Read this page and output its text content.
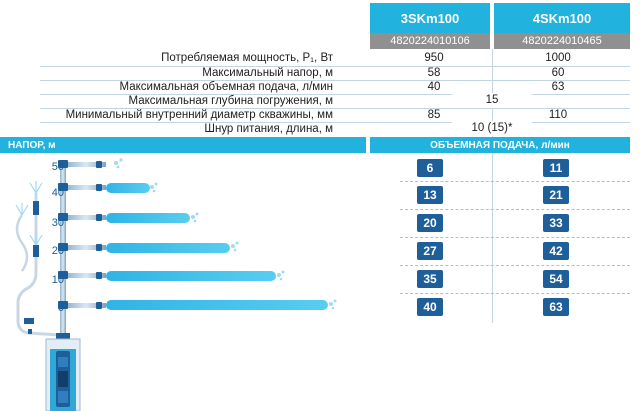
3SKm100	4SKm100
4820224010106	4820224010465
Потребляемая мощность, P₁, Вт	950	1000
Максимальный напор, м	58	60
Максимальная объемная подача, л/мин	40	63
Максимальная глубина погружения, м	15
Минимальный внутренний диаметр скважины, мм	85	110
Шнур питания, длина, м	10 (15)*
НАПОР, м	ОБЪЕМНАЯ ПОДАЧА, л/мин
50
40
30
20
10
0
6	11
13	21
20	33
27	42
35	54
40	63
